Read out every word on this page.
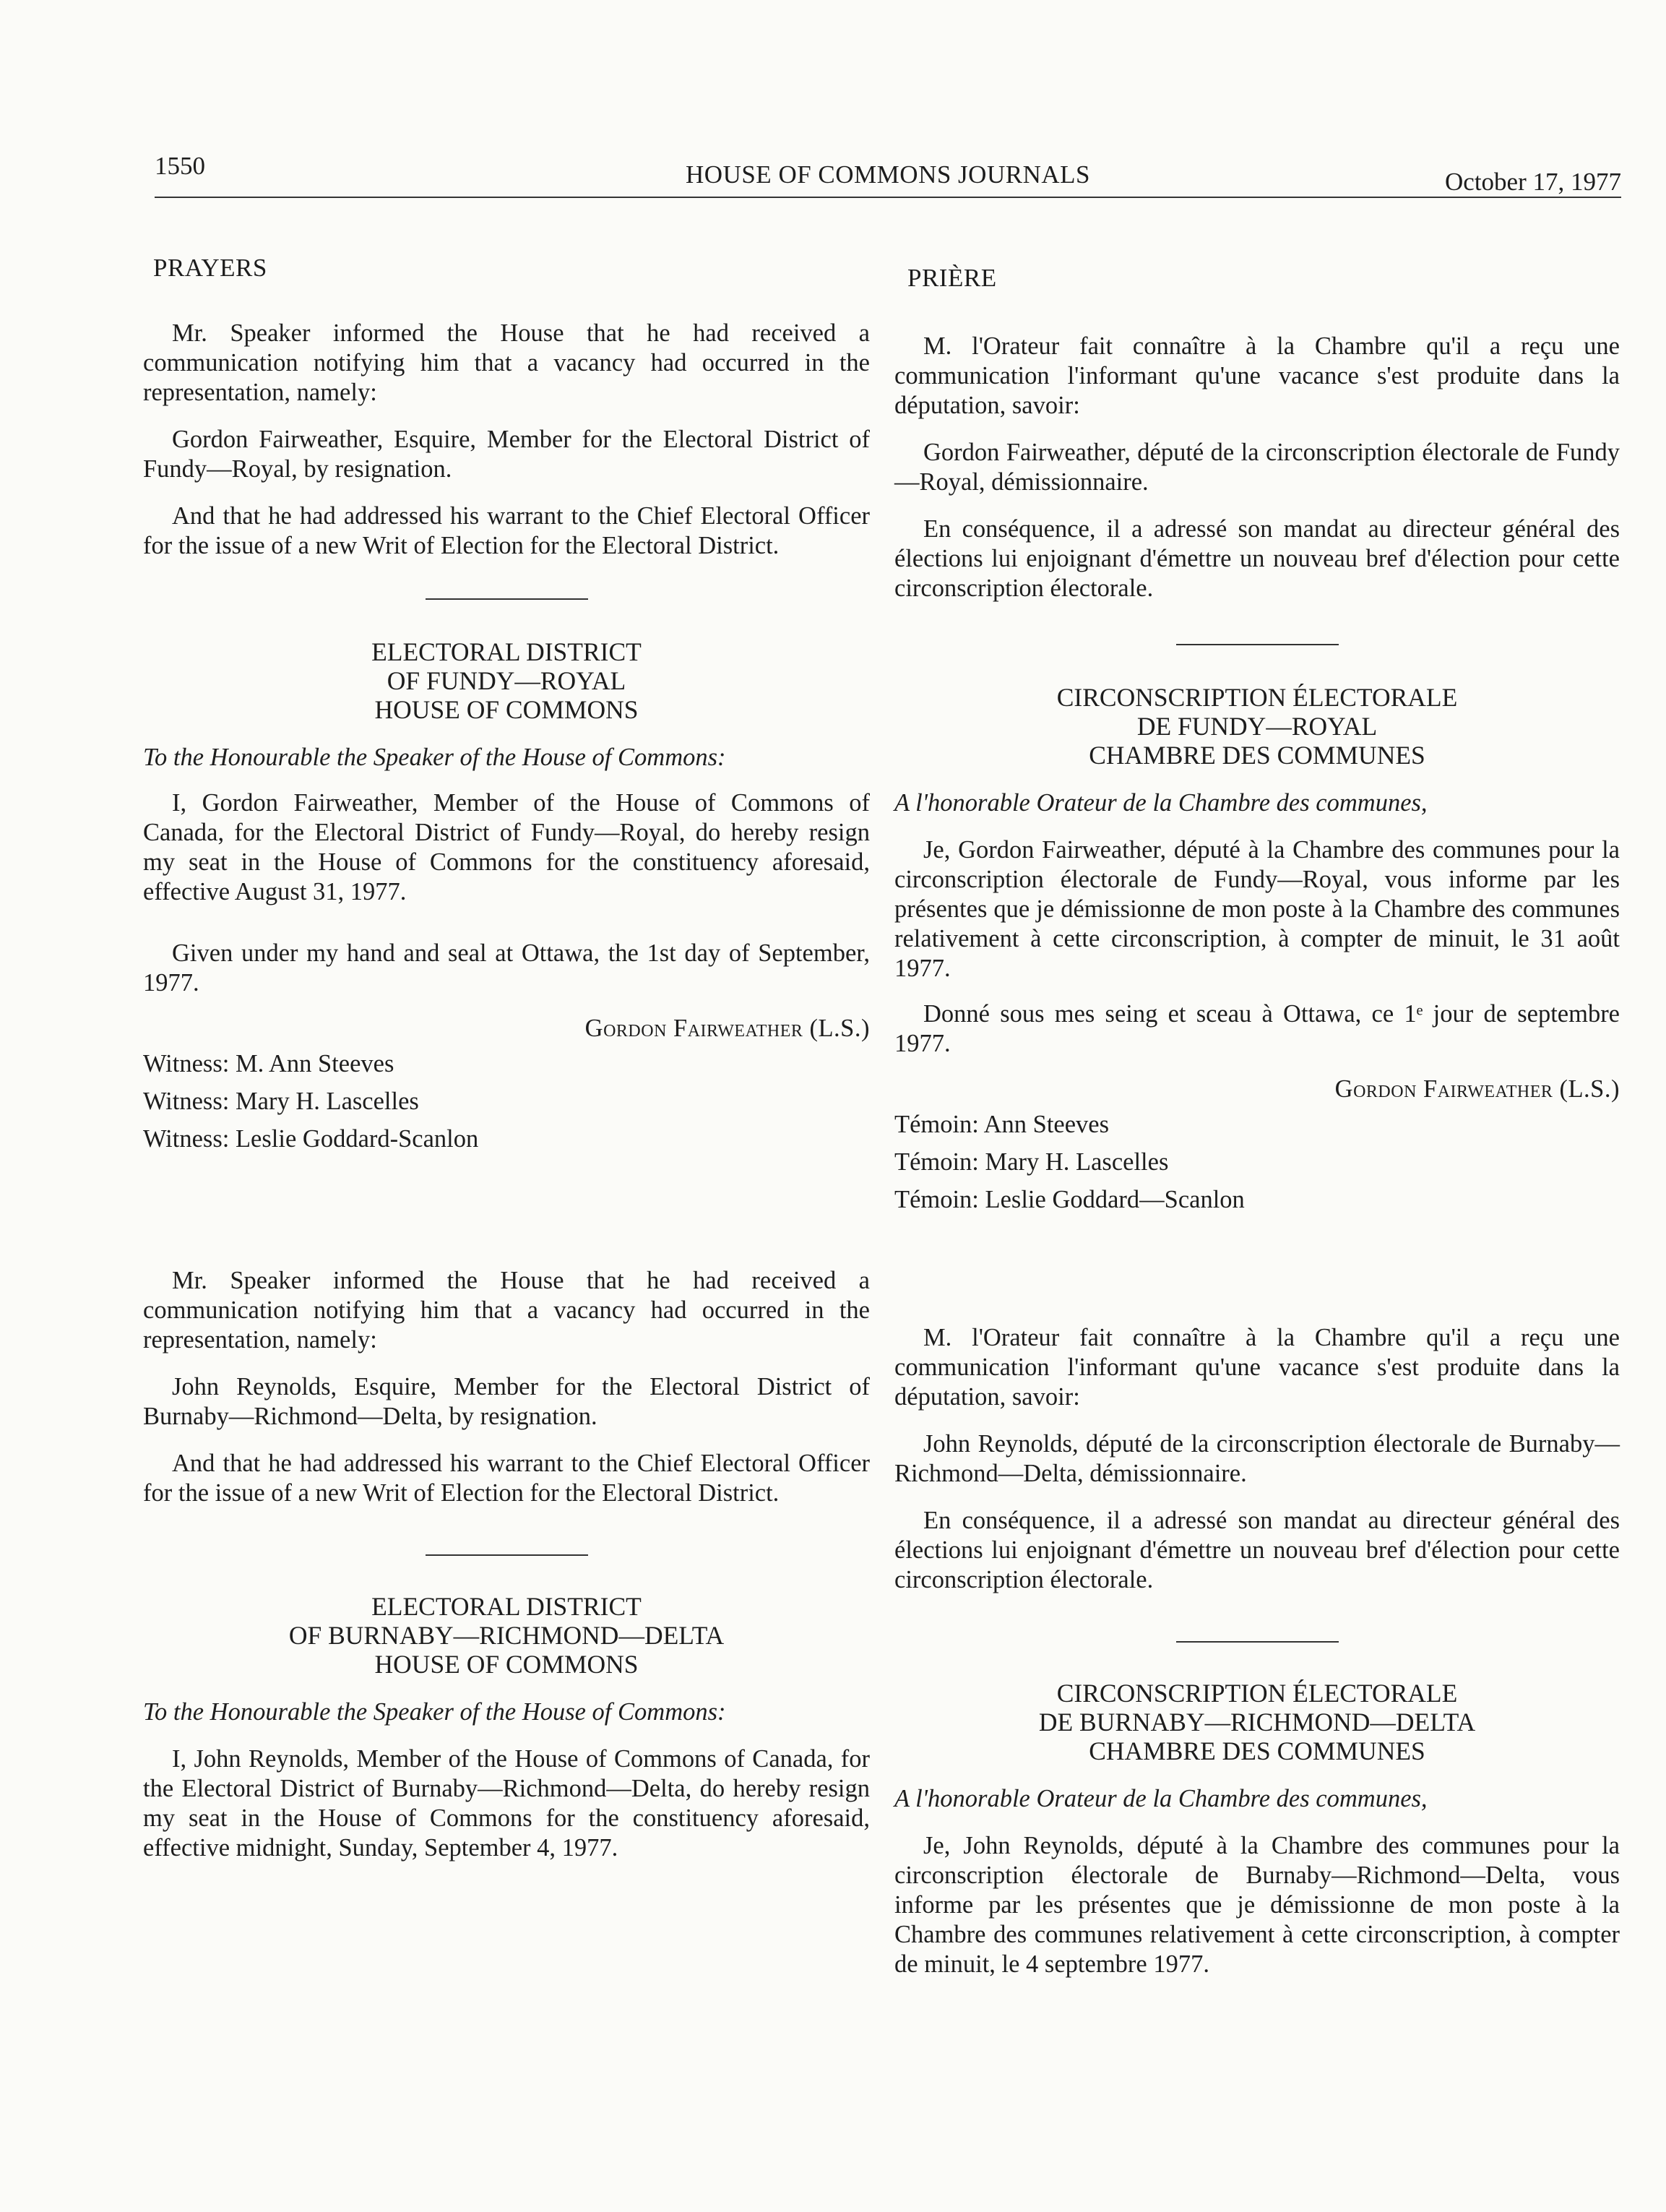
1550	HOUSE OF COMMONS JOURNALS	October 17, 1977

PRAYERS

Mr. Speaker informed the House that he had received a communication notifying him that a vacancy had occurred in the representation, namely:

Gordon Fairweather, Esquire, Member for the Electoral District of Fundy—Royal, by resignation.

And that he had addressed his warrant to the Chief Electoral Officer for the issue of a new Writ of Election for the Electoral District.

ELECTORAL DISTRICT
OF FUNDY—ROYAL
HOUSE OF COMMONS

To the Honourable the Speaker of the House of Commons:

I, Gordon Fairweather, Member of the House of Commons of Canada, for the Electoral District of Fundy—Royal, do hereby resign my seat in the House of Commons for the constituency aforesaid, effective August 31, 1977.

Given under my hand and seal at Ottawa, the 1st day of September, 1977.

Gordon Fairweather (L.S.)

Witness: M. Ann Steeves

Witness: Mary H. Lascelles

Witness: Leslie Goddard-Scanlon

Mr. Speaker informed the House that he had received a communication notifying him that a vacancy had occurred in the representation, namely:

John Reynolds, Esquire, Member for the Electoral District of Burnaby—Richmond—Delta, by resignation.

And that he had addressed his warrant to the Chief Electoral Officer for the issue of a new Writ of Election for the Electoral District.

ELECTORAL DISTRICT
OF BURNABY—RICHMOND—DELTA
HOUSE OF COMMONS

To the Honourable the Speaker of the House of Commons:

I, John Reynolds, Member of the House of Commons of Canada, for the Electoral District of Burnaby—Richmond—Delta, do hereby resign my seat in the House of Commons for the constituency aforesaid, effective midnight, Sunday, September 4, 1977.

PRIÈRE

M. l'Orateur fait connaître à la Chambre qu'il a reçu une communication l'informant qu'une vacance s'est produite dans la députation, savoir:

Gordon Fairweather, député de la circonscription électorale de Fundy—Royal, démissionnaire.

En conséquence, il a adressé son mandat au directeur général des élections lui enjoignant d'émettre un nouveau bref d'élection pour cette circonscription électorale.

CIRCONSCRIPTION ÉLECTORALE
DE FUNDY—ROYAL
CHAMBRE DES COMMUNES

A l'honorable Orateur de la Chambre des communes,

Je, Gordon Fairweather, député à la Chambre des communes pour la circonscription électorale de Fundy—Royal, vous informe par les présentes que je démissionne de mon poste à la Chambre des communes relativement à cette circonscription, à compter de minuit, le 31 août 1977.

Donné sous mes seing et sceau à Ottawa, ce 1ᵉ jour de septembre 1977.

Gordon Fairweather (L.S.)

Témoin: Ann Steeves

Témoin: Mary H. Lascelles

Témoin: Leslie Goddard—Scanlon

M. l'Orateur fait connaître à la Chambre qu'il a reçu une communication l'informant qu'une vacance s'est produite dans la députation, savoir:

John Reynolds, député de la circonscription électorale de Burnaby—Richmond—Delta, démissionnaire.

En conséquence, il a adressé son mandat au directeur général des élections lui enjoignant d'émettre un nouveau bref d'élection pour cette circonscription électorale.

CIRCONSCRIPTION ÉLECTORALE
DE BURNABY—RICHMOND—DELTA
CHAMBRE DES COMMUNES

A l'honorable Orateur de la Chambre des communes,

Je, John Reynolds, député à la Chambre des communes pour la circonscription électorale de Burnaby—Richmond—Delta, vous informe par les présentes que je démissionne de mon poste à la Chambre des communes relativement à cette circonscription, à compter de minuit, le 4 septembre 1977.
